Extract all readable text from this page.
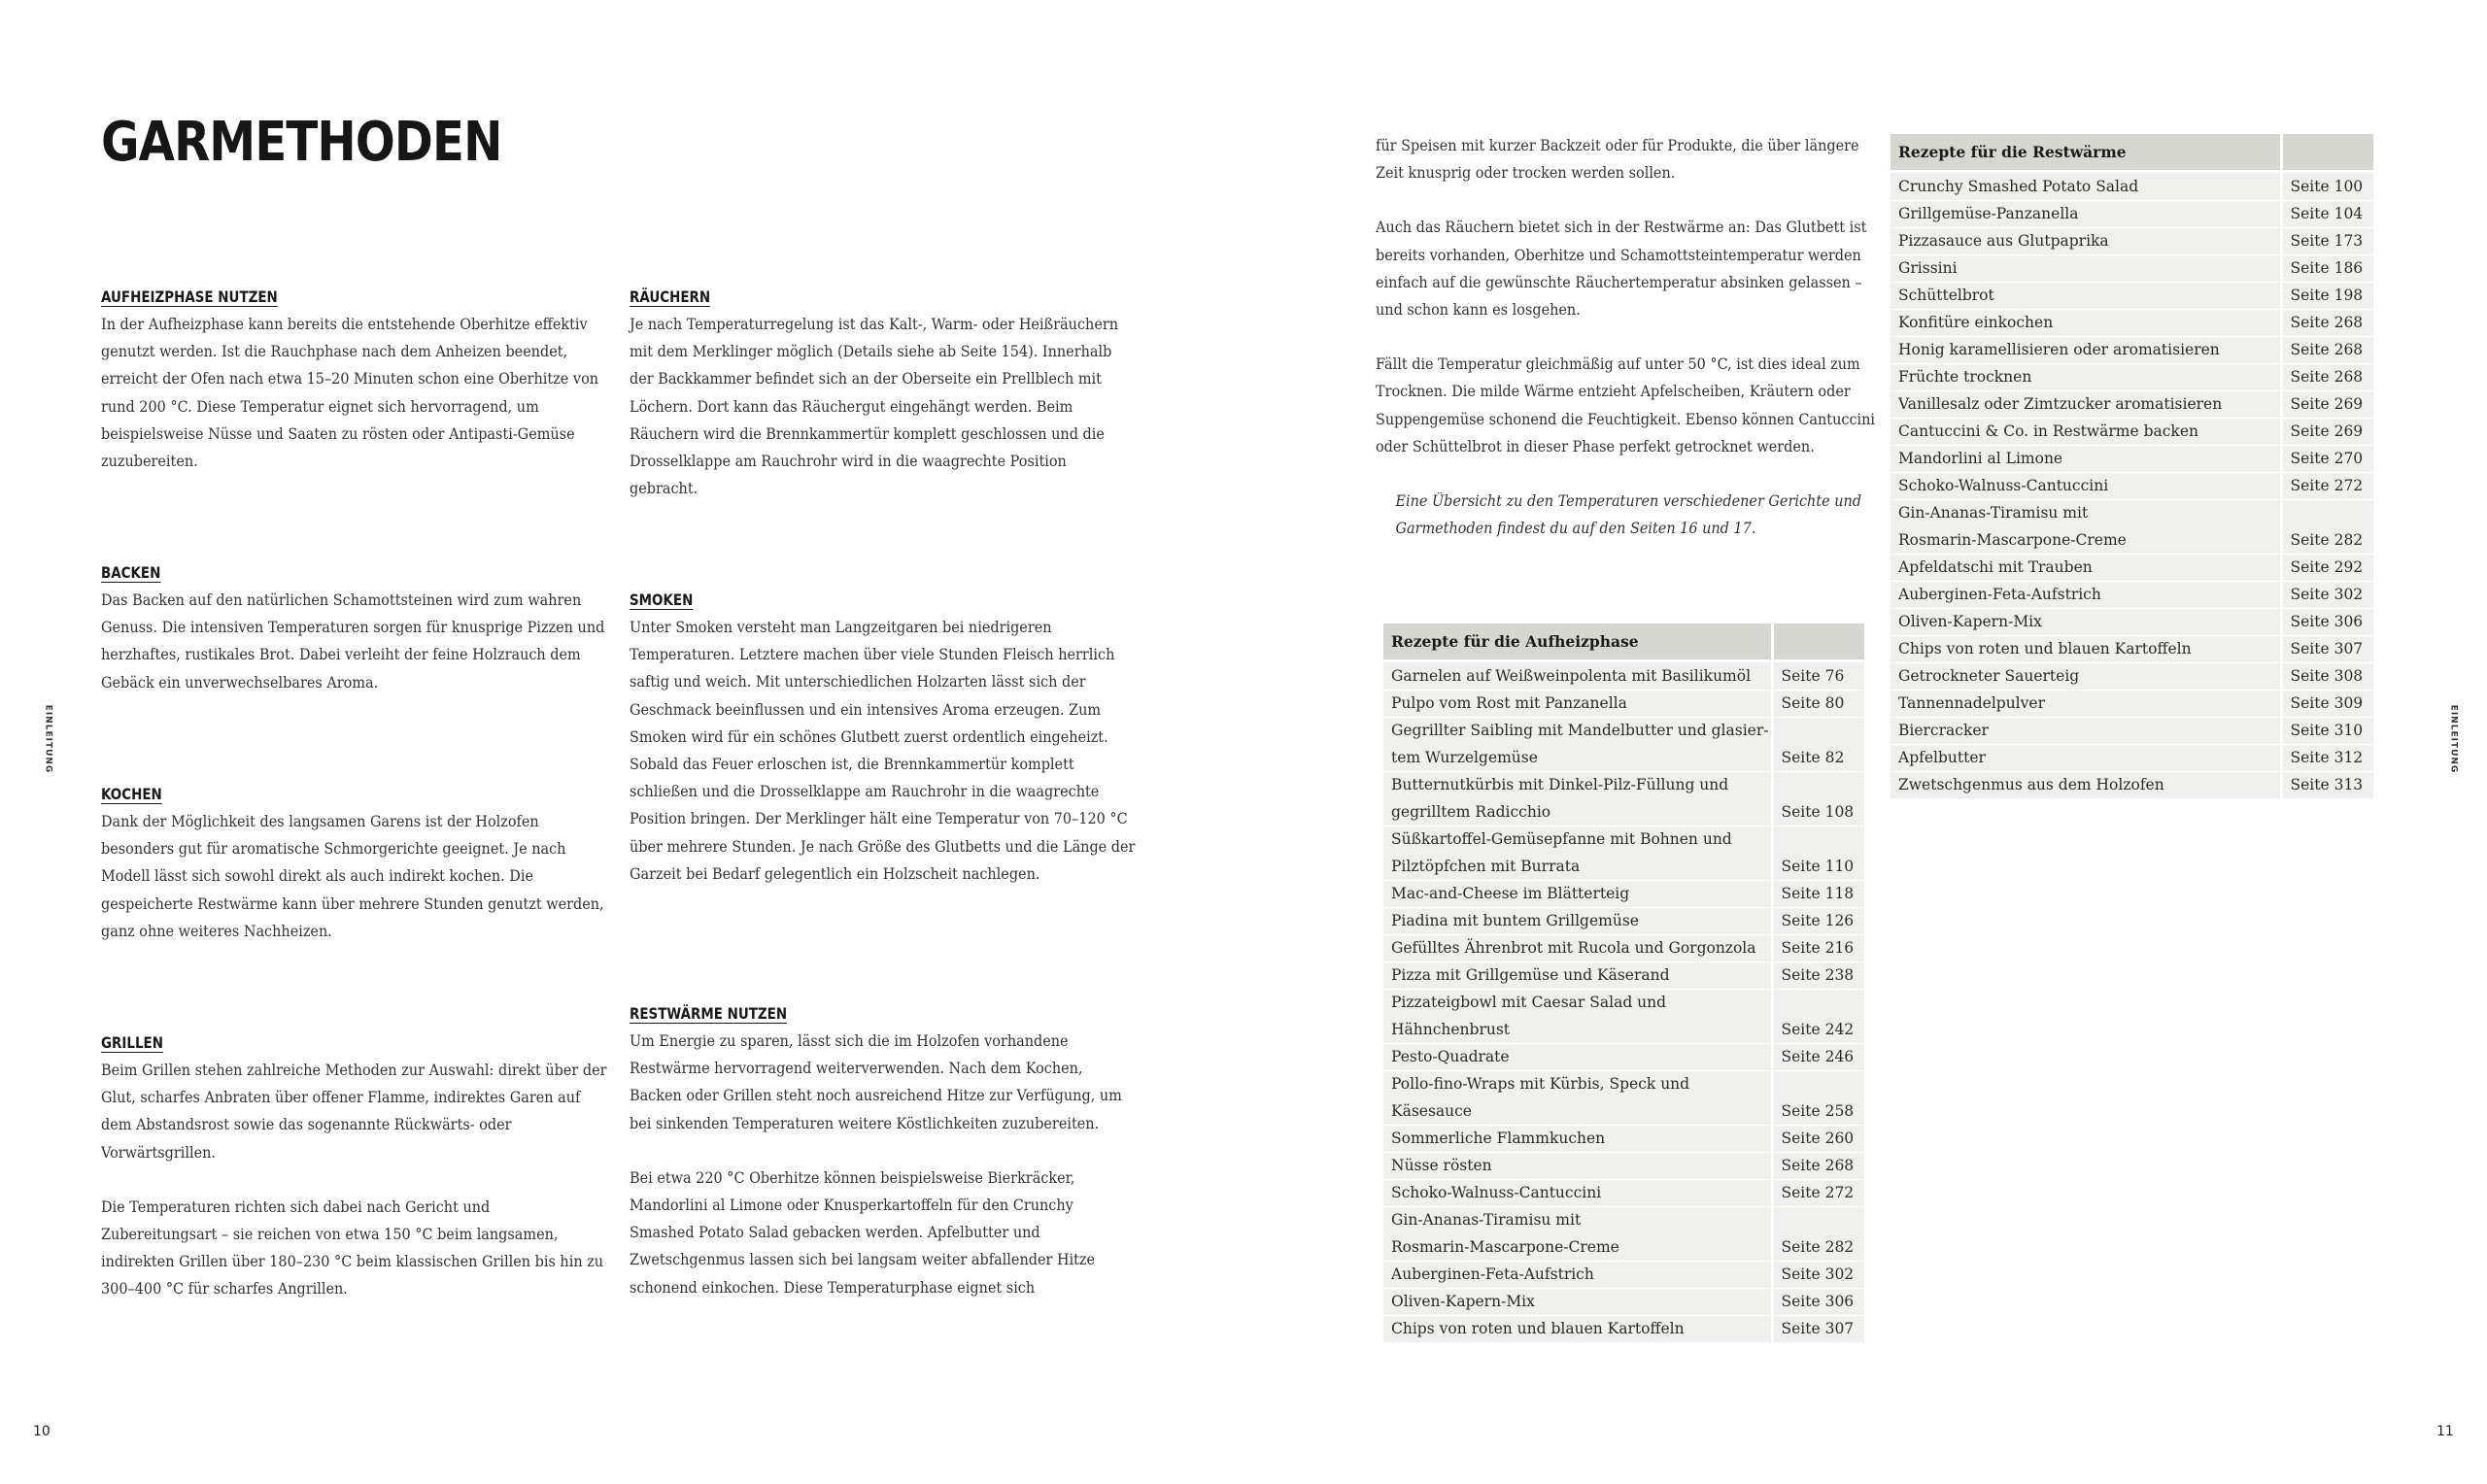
GARMETHODEN
AUFHEIZPHASE NUTZEN

In der Aufheizphase kann bereits die entstehende Oberhitze effektiv genutzt werden. Ist die Rauchphase nach dem Anheizen beendet, erreicht der Ofen nach etwa 15–20 Minuten schon eine Oberhitze von rund 200 °C. Diese Temperatur eignet sich hervorragend, um beispielsweise Nüsse und Saaten zu rösten oder Antipasti-Gemüse zuzubereiten.

BACKEN

Das Backen auf den natürlichen Schamottsteinen wird zum wahren Genuss. Die intensiven Temperaturen sorgen für knusprige Pizzen und herzhaftes, rustikales Brot. Dabei verleiht der feine Holzrauch dem Gebäck ein unverwechselbares Aroma.

KOCHEN

Dank der Möglichkeit des langsamen Garens ist der Holzofen besonders gut für aromatische Schmorgerichte geeignet. Je nach Modell lässt sich sowohl direkt als auch indirekt kochen. Die gespeicherte Restwärme kann über mehrere Stunden genutzt werden, ganz ohne weiteres Nachheizen.

GRILLEN

Beim Grillen stehen zahlreiche Methoden zur Auswahl: direkt über der Glut, scharfes Anbraten über offener Flamme, indirektes Garen auf dem Abstandsrost sowie das sogenannte Rückwärts- oder Vorwärtsgrillen.

Die Temperaturen richten sich dabei nach Gericht und Zubereitungsart – sie reichen von etwa 150 °C beim langsamen, indirekten Grillen über 180–230 °C beim klassischen Grillen bis hin zu 300–400 °C für scharfes Angrillen.

RÄUCHERN

Je nach Temperaturregelung ist das Kalt-, Warm- oder Heißräuchern mit dem Merklinger möglich (Details siehe ab Seite 154). Innerhalb der Backkammer befindet sich an der Oberseite ein Prellblech mit Löchern. Dort kann das Räuchergut eingehängt werden. Beim Räuchern wird die Brennkammertür komplett geschlossen und die Drosselklappe am Rauchrohr wird in die waagrechte Position gebracht.

SMOKEN

Unter Smoken versteht man Langzeitgaren bei niedrigeren Temperaturen. Letztere machen über viele Stunden Fleisch herrlich saftig und weich. Mit unterschiedlichen Holzarten lässt sich der Geschmack beeinflussen und ein intensives Aroma erzeugen. Zum Smoken wird für ein schönes Glutbett zuerst ordentlich eingeheizt. Sobald das Feuer erloschen ist, die Brennkammertür komplett schließen und die Drosselklappe am Rauchrohr in die waagrechte Position bringen. Der Merklinger hält eine Temperatur von 70–120 °C über mehrere Stunden. Je nach Größe des Glutbetts und die Länge der Garzeit bei Bedarf gelegentlich ein Holzscheit nachlegen.

RESTWÄRME NUTZEN

Um Energie zu sparen, lässt sich die im Holzofen vorhandene Restwärme hervorragend weiterverwenden. Nach dem Kochen, Backen oder Grillen steht noch ausreichend Hitze zur Verfügung, um bei sinkenden Temperaturen weitere Köstlichkeiten zuzubereiten.

Bei etwa 220 °C Oberhitze können beispielsweise Bierkräcker, Mandorlini al Limone oder Knusperkartoffeln für den Crunchy Smashed Potato Salad gebacken werden. Apfelbutter und Zwetschgenmus lassen sich bei langsam weiter abfallender Hitze schonend einkochen. Diese Temperaturphase eignet sich

für Speisen mit kurzer Backzeit oder für Produkte, die über längere Zeit knusprig oder trocken werden sollen.

Auch das Räuchern bietet sich in der Restwärme an: Das Glutbett ist bereits vorhanden, Oberhitze und Schamottsteintemperatur werden einfach auf die gewünschte Räuchertemperatur absinken gelassen – und schon kann es losgehen.

Fällt die Temperatur gleichmäßig auf unter 50 °C, ist dies ideal zum Trocknen. Die milde Wärme entzieht Apfelscheiben, Kräutern oder Suppengemüse schonend die Feuchtigkeit. Ebenso können Cantuccini oder Schüttelbrot in dieser Phase perfekt getrocknet werden.

Eine Übersicht zu den Temperaturen verschiedener Gerichte und Garmethoden findest du auf den Seiten 16 und 17.

Rezepte für die Aufheizphase	

Garnelen auf Weißweinpolenta mit Basilikumöl	Seite 76

Pulpo vom Rost mit Panzanella	Seite 80

Gegrillter Saibling mit Mandelbutter und glasier-
tem Wurzelgemüse	Seite 82

Butternutkürbis mit Dinkel-Pilz-Füllung und
gegrilltem Radicchio	Seite 108

Süßkartoffel-Gemüsepfanne mit Bohnen und
Pilztöpfchen mit Burrata	Seite 110

Mac-and-Cheese im Blätterteig	Seite 118

Piadina mit buntem Grillgemüse	Seite 126

Gefülltes Ährenbrot mit Rucola und Gorgonzola	Seite 216

Pizza mit Grillgemüse und Käserand	Seite 238

Pizzateigbowl mit Caesar Salad und
Hähnchenbrust	Seite 242

Pesto-Quadrate	Seite 246

Pollo-fino-Wraps mit Kürbis, Speck und
Käsesauce	Seite 258

Sommerliche Flammkuchen	Seite 260

Nüsse rösten	Seite 268

Schoko-Walnuss-Cantuccini	Seite 272

Gin-Ananas-Tiramisu mit
Rosmarin-Mascarpone-Creme	Seite 282

Auberginen-Feta-Aufstrich	Seite 302

Oliven-Kapern-Mix	Seite 306

Chips von roten und blauen Kartoffeln	Seite 307
Rezepte für die Restwärme	

Crunchy Smashed Potato Salad	Seite 100

Grillgemüse-Panzanella	Seite 104

Pizzasauce aus Glutpaprika	Seite 173

Grissini	Seite 186

Schüttelbrot	Seite 198

Konfitüre einkochen	Seite 268

Honig karamellisieren oder aromatisieren	Seite 268

Früchte trocknen	Seite 268

Vanillesalz oder Zimtzucker aromatisieren	Seite 269

Cantuccini & Co. in Restwärme backen	Seite 269

Mandorlini al Limone	Seite 270

Schoko-Walnuss-Cantuccini	Seite 272

Gin-Ananas-Tiramisu mit
Rosmarin-Mascarpone-Creme	Seite 282

Apfeldatschi mit Trauben	Seite 292

Auberginen-Feta-Aufstrich	Seite 302

Oliven-Kapern-Mix	Seite 306

Chips von roten und blauen Kartoffeln	Seite 307

Getrockneter Sauerteig	Seite 308

Tannennadelpulver	Seite 309

Biercracker	Seite 310

Apfelbutter	Seite 312

Zwetschgenmus aus dem Holzofen	Seite 313
EINLEITUNG	EINLEITUNG
10	11
